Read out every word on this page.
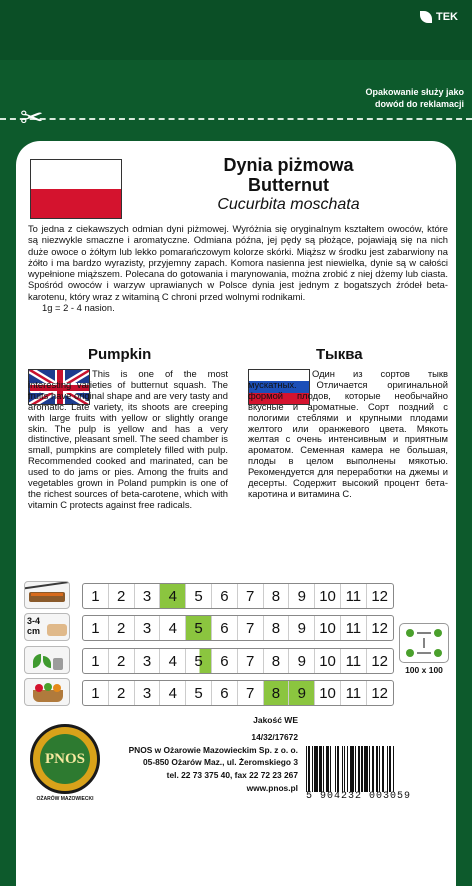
TEK
Opakowanie służy jako dowód do reklamacji
✂
Dynia piżmowa
Butternut
Cucurbita moschata
To jedna z ciekawszych odmian dyni piżmowej. Wyróżnia się oryginalnym kształtem owoców, które są niezwykle smaczne i aromatyczne. Odmiana późna, jej pędy są płożące, pojawiają się na nich duże owoce o żółtym lub lekko pomarańczowym kolorze skórki. Miąższ w środku jest zabarwiony na żółto i ma bardzo wyrazisty, przyjemny zapach. Komora nasienna jest niewielka, dynie są w całości wypełnione miąższem. Polecana do gotowania i marynowania, można zrobić z niej dżemy lub ciasta. Spośród owoców i warzyw uprawianych w Polsce dynia jest jednym z bogatszych źródeł beta-karotenu, który wraz z witaminą C chroni przed wolnymi rodnikami.
1g = 2 - 4 nasion.
Pumpkin	Тыква
This is one of the most interesting varieties of butternut squash. The fruits have original shape and are very tasty and aromatic. Late variety, its shoots are creeping with large fruits with yellow or slightly orange skin. The pulp is yellow and has a very distinctive, pleasant smell. The seed chamber is small, pumpkins are completely filled with pulp. Recommended cooked and marinated, can be used to do jams or pies. Among the fruits and vegetables grown in Poland pumpkin is one of the richest sources of beta-carotene, which with vitamin C protects against free radicals.
Один из сортов тыкв мускатных. Отличается оригинальной формой плодов, которые необычайно вкусные и ароматные. Сорт поздний с пологими стеблями и крупными плодами желтого или оранжевого цвета. Мякоть желтая с очень интенсивным и приятным ароматом. Семенная камера не большая, плоды в целом выполнены мякотью. Рекомендуется для переработки на джемы и десерты. Содержит высокий процент бета-каротина и витамина С.
1	2	3	4	5	6	7	8	9 10 11 12
3-4
cm	1	2	3	4	5	6	7	8	9 10 11 12
1	2	3	4	5	6	7	8	9 10 11 12
1	2	3	4	5	6	7	8	9 10 11 12
100 x 100
PNOS
OŻARÓW MAZOWIECKI
Jakość WE
14/32/17672
PNOS w Ożarowie Mazowieckim Sp. z o. o.
05-850 Ożarów Maz., ul. Żeromskiego 3
tel. 22 73 375 40, fax 22 72 23 267
www.pnos.pl
5 904232 003059
